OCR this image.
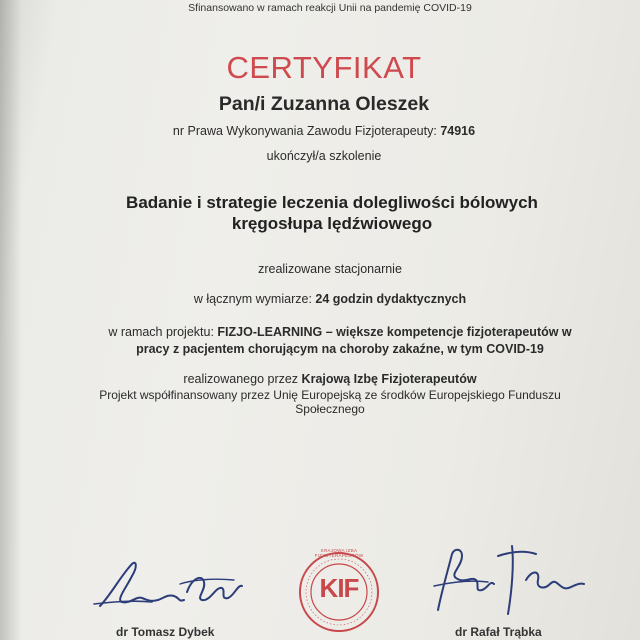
Sfinansowano w ramach reakcji Unii na pandemię COVID-19
CERTYFIKAT
Pan/i Zuzanna Oleszek
nr Prawa Wykonywania Zawodu Fizjoterapeuty: 74916
ukończył/a szkolenie
Badanie i strategie leczenia dolegliwości bólowych
kręgosłupa lędźwiowego
zrealizowane stacjonarnie
w łącznym wymiarze: 24 godzin dydaktycznych
w ramach projektu: FIZJO-LEARNING – większe kompetencje fizjoterapeutów w
pracy z pacjentem chorującym na choroby zakaźne, w tym COVID-19
realizowanego przez Krajową Izbę Fizjoterapeutów
Projekt współfinansowany przez Unię Europejską ze środków Europejskiego Funduszu
Społecznego
KIF
KRAJOWA IZBA FIZJOTERAPEUTÓW
dr Tomasz Dybek	dr Rafał Trąbka
